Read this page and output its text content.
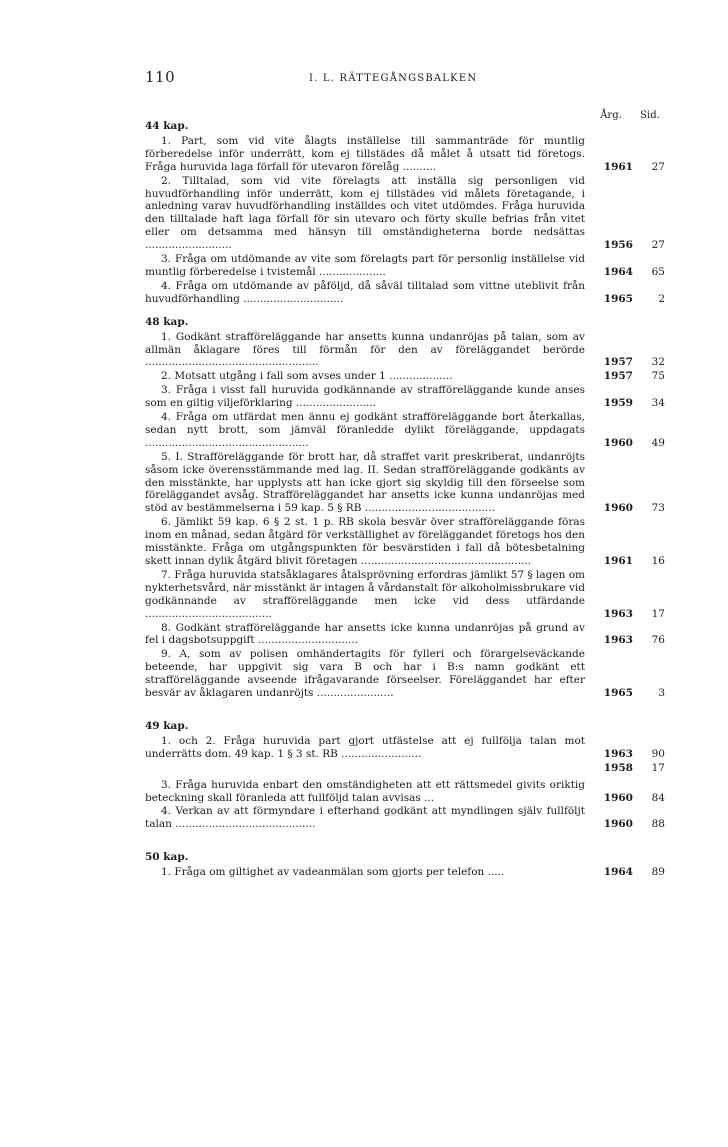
110	I. L. RÄTTEGÅNGSBALKEN
Årg.	Sid.
44 kap.
1. Part, som vid vite ålagts inställelse till sammanträde för muntlig förberedelse inför underrätt, kom ej tillstädes då målet å utsatt tid företogs. Fråga huruvida laga förfall för utevaron förelåg ..........	1961	27
2. Tilltalad, som vid vite förelagts att inställa sig personligen vid huvudförhandling inför underrätt, kom ej tillstädes vid målets företagande, i anledning varav huvudförhandling inställdes och vitet utdömdes. Fråga huruvida den tilltalade haft laga förfall för sin utevaro och förty skulle befrias från vitet eller om detsamma med hänsyn till omständigheterna borde nedsättas ..........................	1956	27
3. Fråga om utdömande av vite som förelagts part för personlig inställelse vid muntlig förberedelse i tvistemål ....................	1964	65
4. Fråga om utdömande av påföljd, då såväl tilltalad som vittne uteblivit från huvudförhandling ..............................	1965	2
48 kap.
1. Godkänt strafföreläggande har ansetts kunna undanröjas på talan, som av allmän åklagare föres till förmån för den av föreläggandet berörde ....................................................	1957	32
2. Motsatt utgång i fall som avses under 1 ...................	1957	75
3. Fråga i visst fall huruvida godkännande av strafföreläggande kunde anses som en giltig viljeförklaring ........................	1959	34
4. Fråga om utfärdat men ännu ej godkänt strafföreläggande bort återkallas, sedan nytt brott, som jämväl föranledde dylikt föreläggande, uppdagats .................................................	1960	49
5. I. Strafföreläggande för brott har, då straffet varit preskriberat, undanröjts såsom icke överensstämmande med lag. II. Sedan strafföreläggande godkänts av den misstänkte, har upplysts att han icke gjort sig skyldig till den förseelse som föreläggandet avsåg. Strafföreläggandet har ansetts icke kunna undanröjas med stöd av bestämmelserna i 59 kap. 5 § RB .......................................	1960	73
6. Jämlikt 59 kap. 6 § 2 st. 1 p. RB skola besvär över strafföreläggande föras inom en månad, sedan åtgärd för verkställighet av föreläggandet företogs hos den misstänkte. Fråga om utgångspunkten för besvärstiden i fall då bötesbetalning skett innan dylik åtgärd blivit företagen ...................................................	1961	16
7. Fråga huruvida statsåklagares åtalsprövning erfordras jämlikt 57 § lagen om nykterhetsvård, när misstänkt är intagen å vårdanstalt för alkoholmissbrukare vid godkännande av strafföreläggande men icke vid dess utfärdande ......................................	1963	17
8. Godkänt strafföreläggande har ansetts icke kunna undanröjas på grund av fel i dagsbotsuppgift ..............................	1963	76
9. A, som av polisen omhändertagits för fylleri och förargelseväckande beteende, har uppgivit sig vara B och har i B:s namn godkänt ett strafföreläggande avseende ifrågavarande förseelser. Föreläggandet har efter besvär av åklagaren undanröjts .......................	1965	3
49 kap.
1. och 2. Fråga huruvida part gjort utfästelse att ej fullfölja talan mot underrätts dom. 49 kap. 1 § 3 st. RB ........................	1963	90
1958	17
3. Fråga huruvida enbart den omständigheten att ett rättsmedel givits oriktig beteckning skall föranleda att fullföljd talan avvisas ...	1960	84
4. Verkan av att förmyndare i efterhand godkänt att myndlingen själv fullföljt talan ..........................................	1960	88
50 kap.
1. Fråga om giltighet av vadeanmälan som gjorts per telefon .....	1964	89
